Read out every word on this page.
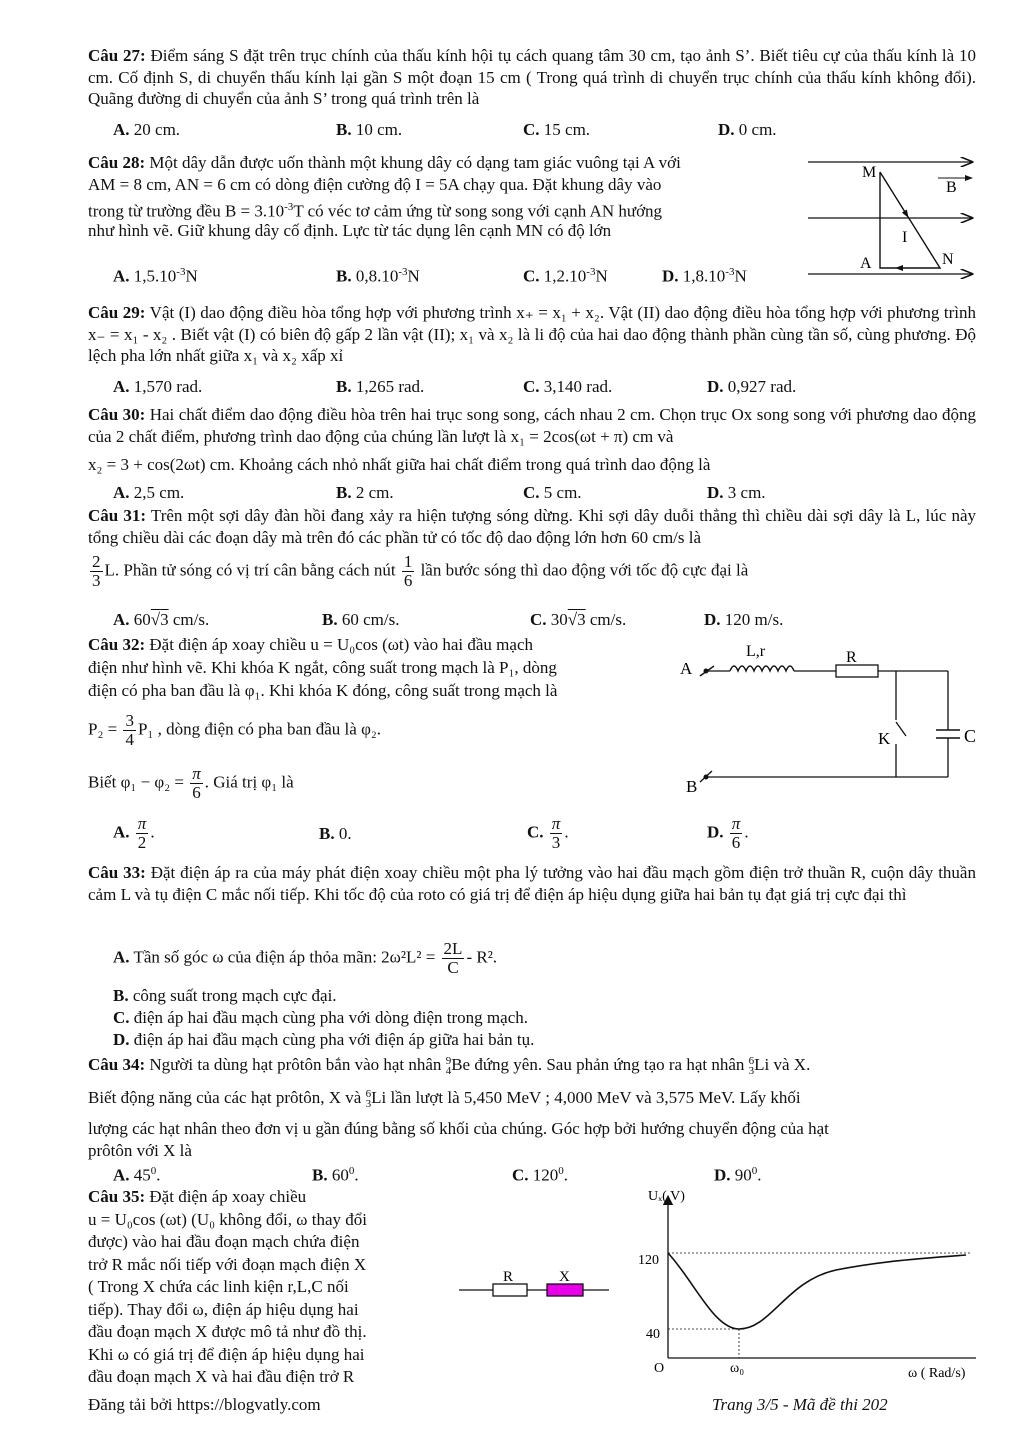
Câu 27: Điểm sáng S đặt trên trục chính của thấu kính hội tụ cách quang tâm 30 cm, tạo ảnh S’. Biết tiêu cự của thấu kính là 10 cm. Cố định S, di chuyển thấu kính lại gần S một đoạn 15 cm ( Trong quá trình di chuyển trục chính của thấu kính không đổi). Quãng đường di chuyển của ảnh S’ trong quá trình trên là
A. 20 cm.	B. 10 cm.	C. 15 cm.	D. 0 cm.
Câu 28: Một dây dẫn được uốn thành một khung dây có dạng tam giác vuông tại A với
AM = 8 cm, AN = 6 cm có dòng điện cường độ I = 5A chạy qua. Đặt khung dây vào
trong từ trường đều $B = 3.10^{-3}T$ có véc tơ cảm ứng từ song song với cạnh AN hướng
như hình vẽ. Giữ khung dây cố định. Lực từ tác dụng lên cạnh MN có độ lớn
A. $1,5.10^{-3}N$	B. $0,8.10^{-3}N$	C. $1,2.10^{-3}N$	D. $1,8.10^{-3}N$
M
B
I
A	N
Câu 29: Vật (I) dao động điều hòa tổng hợp với phương trình x₊ = x₁ + x₂. Vật (II) dao động điều hòa tổng hợp với phương trình x₋ = x₁ - x₂ . Biết vật (I) có biên độ gấp 2 lần vật (II); x₁ và x₂ là li độ của hai dao động thành phần cùng tần số, cùng phương. Độ lệch pha lớn nhất giữa x₁ và x₂ xấp xỉ
A. 1,570 rad.	B. 1,265 rad.	C. 3,140 rad.	D. 0,927 rad.
Câu 30: Hai chất điểm dao động điều hòa trên hai trục song song, cách nhau 2 cm. Chọn trục Ox song song với phương dao động của 2 chất điểm, phương trình dao động của chúng lần lượt là x₁ = 2cos(ωt + π) cm và
x₂ = 3 + cos(2ωt) cm. Khoảng cách nhỏ nhất giữa hai chất điểm trong quá trình dao động là
A. 2,5 cm.	B. 2 cm.	C. 5 cm.	D. 3 cm.
Câu 31: Trên một sợi dây đàn hồi đang xảy ra hiện tượng sóng dừng. Khi sợi dây duỗi thẳng thì chiều dài sợi dây là L, lúc này tổng chiều dài các đoạn dây mà trên đó các phần tử có tốc độ dao động lớn hơn 60 cm/s là
$\frac{2}{3} L$. Phần tử sóng có vị trí cân bằng cách nút $\frac{1}{6}$ lần bước sóng thì dao động với tốc độ cực đại là
A. 60√3 cm/s.	B. 60 cm/s.	C. 30√3 cm/s.	D. 120 m/s.
Câu 32: Đặt điện áp xoay chiều u = U₀cos (ωt) vào hai đầu mạch
điện như hình vẽ. Khi khóa K ngắt, công suất trong mạch là P₁, dòng
điện có pha ban đầu là φ₁. Khi khóa K đóng, công suất trong mạch là
$P_2 = \frac{3}{4} P_1$ , dòng điện có pha ban đầu là φ₂.
Biết $\varphi_1 - \varphi_2 = \frac{\pi}{6}$ . Giá trị φ₁ là
A. $\frac{\pi}{2}$ .	B. 0.	C. $\frac{\pi}{3}$ .	D. $\frac{\pi}{6}$ .
A
L,r	R
K	C
B
Câu 33: Đặt điện áp ra của máy phát điện xoay chiều một pha lý tưởng vào hai đầu mạch gồm điện trở thuần R, cuộn dây thuần cảm L và tụ điện C mắc nối tiếp. Khi tốc độ của roto có giá trị để điện áp hiệu dụng giữa hai bản tụ đạt giá trị cực đại thì
A. Tần số góc ω của điện áp thỏa mãn: $2\omega^2L^2 = \frac{2L}{C} - R^2$.
B. công suất trong mạch cực đại.
C. điện áp hai đầu mạch cùng pha với dòng điện trong mạch.
D. điện áp hai đầu mạch cùng pha với điện áp giữa hai bản tụ.
Câu 34: Người ta dùng hạt prôtôn bắn vào hạt nhân 9
4 Be đứng yên. Sau phản ứng tạo ra hạt nhân 6
3 Li và X.
Biết động năng của các hạt prôtôn, X và 6
3 Li lần lượt là 5,450 MeV ; 4,000 MeV và 3,575 MeV. Lấy khối
lượng các hạt nhân theo đơn vị u gần đúng bằng số khối của chúng. Góc hợp bởi hướng chuyển động của hạt
prôtôn với X là
A. $45^0$.	B. $60^0$.	C. $120^0$.	D. $90^0$.
Câu 35: Đặt điện áp xoay chiều
u = U₀cos (ωt) (U₀ không đổi, ω thay đổi
được) vào hai đầu đoạn mạch chứa điện
trở R mắc nối tiếp với đoạn mạch điện X
( Trong X chứa các linh kiện r,L,C nối
tiếp). Thay đổi ω, điện áp hiệu dụng hai
đầu đoạn mạch X được mô tả như đồ thị.
Khi ω có giá trị để điện áp hiệu dụng hai
đầu đoạn mạch X và hai đầu điện trở R
R	X
Uₓ( V)
120
40
O	ω₀	ω ( Rad/s)
Đăng tải bởi https://blogvatly.com	Trang 3/5 - Mã đề thi 202
